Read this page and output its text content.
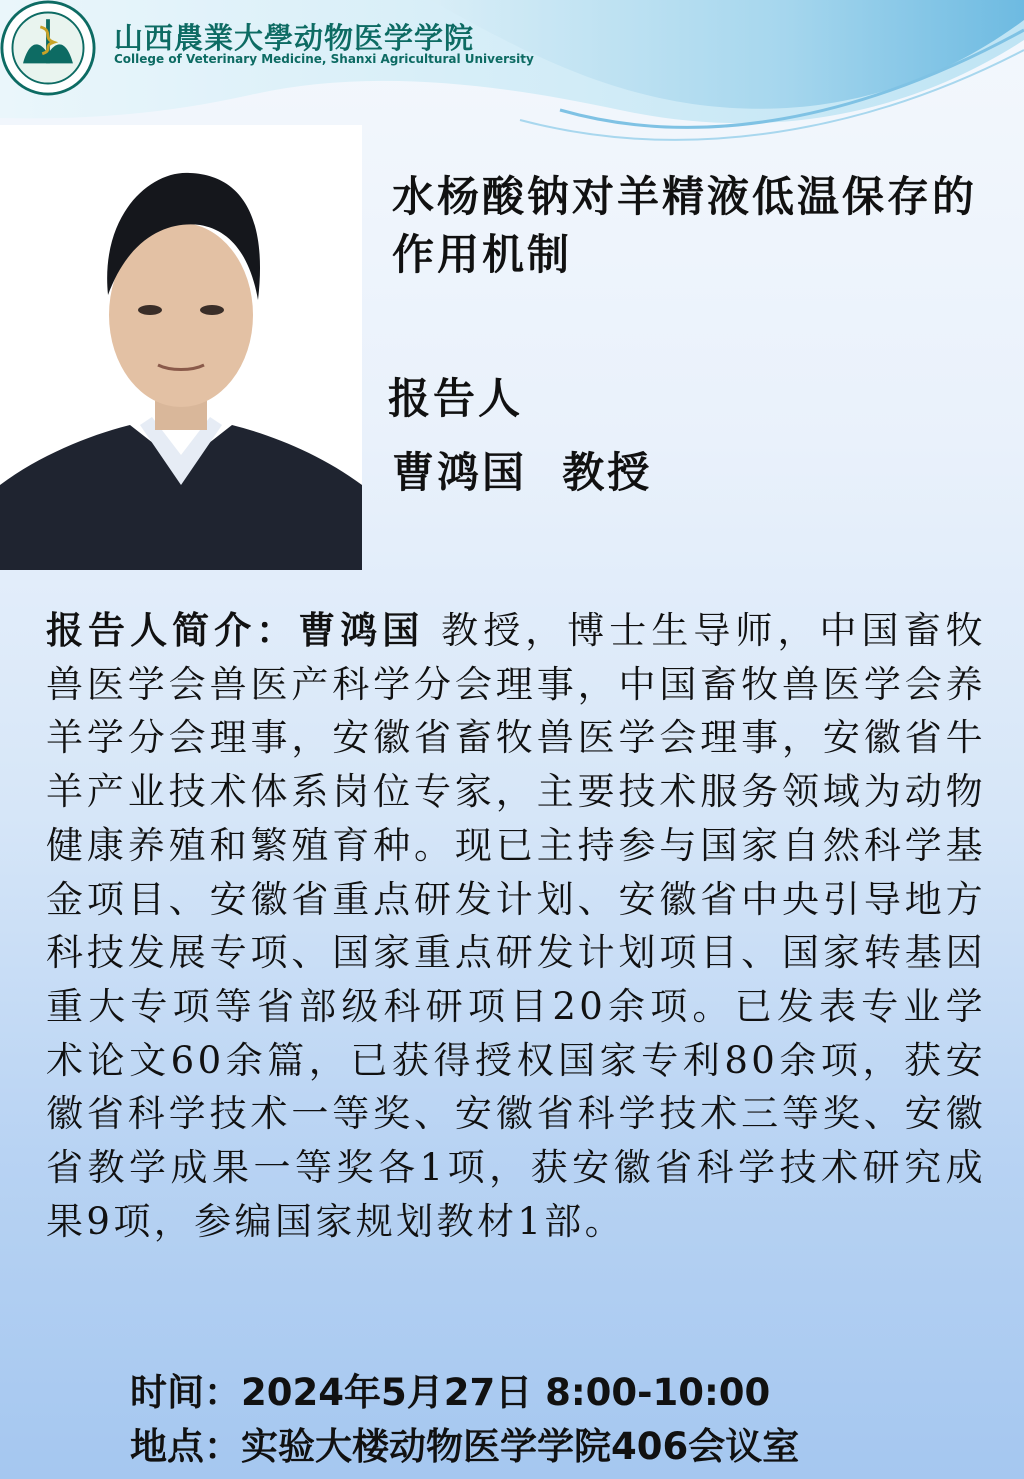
山西農業大學动物医学学院
College of Veterinary Medicine, Shanxi Agricultural University
水杨酸钠对羊精液低温保存的作用机制
报告人
曹鸿国  教授
报告人简介：曹鸿国 教授，博士生导师，中国畜牧兽医学会兽医产科学分会理事，中国畜牧兽医学会养羊学分会理事，安徽省畜牧兽医学会理事，安徽省牛羊产业技术体系岗位专家，主要技术服务领域为动物健康养殖和繁殖育种。现已主持参与国家自然科学基金项目、安徽省重点研发计划、安徽省中央引导地方科技发展专项、国家重点研发计划项目、国家转基因重大专项等省部级科研项目20余项。已发表专业学术论文60余篇，已获得授权国家专利80余项，获安徽省科学技术一等奖、安徽省科学技术三等奖、安徽省教学成果一等奖各1项，获安徽省科学技术研究成果9项，参编国家规划教材1部。
时间：2024年5月27日 8:00-10:00
地点：实验大楼动物医学学院406会议室
